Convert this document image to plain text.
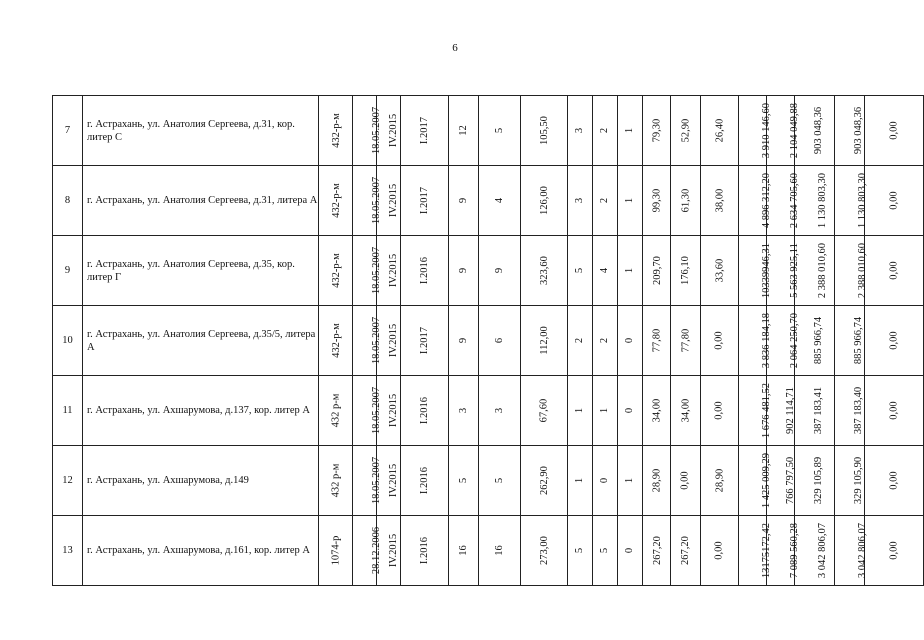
6
7	г. Астрахань, ул. Анатолия Сергеева, д.31, кор. литер С	432-р-м	18.05.2007	IV.2015	I.2017	12	5	105,50	3	2	1	79,30	52,90	26,40	3 910 146,60	2 104 049,88	903 048,36	903 048,36	0,00
8	г. Астрахань, ул. Анатолия Сергеева, д.31, литера А	432-р-м	18.05.2007	IV.2015	I.2017	9	4	126,00	3	2	1	99,30	61,30	38,00	4 896 312,20	2 634 705,60	1 130 803,30	1 130 803,30	0,00
9	г. Астрахань, ул. Анатолия Сергеева, д.35, кор. литер Г	432-р-м	18.05.2007	IV.2015	I.2016	9	9	323,60	5	4	1	209,70	176,10	33,60	10339946,31	5 563 925,11	2 388 010,60	2 388 010,60	0,00
10	г. Астрахань, ул. Анатолия Сергеева, д.35/5, литера А	432-р-м	18.05.2007	IV.2015	I.2017	9	6	112,00	2	2	0	77,80	77,80	0,00	3 836 184,18	2 064 250,70	885 966,74	885 966,74	0,00
11	г. Астрахань, ул. Ахшарумова, д.137, кор. литер А	432 р-м	18.05.2007	IV.2015	I.2016	3	3	67,60	1	1	0	34,00	34,00	0,00	1 676 481,52	902 114,71	387 183,41	387 183,40	0,00
12	г. Астрахань, ул. Ахшарумова, д.149	432 р-м	18.05.2007	IV.2015	I.2016	5	5	262,90	1	0	1	28,90	0,00	28,90	1 425 009,29	766 797,50	329 105,89	329 105,90	0,00
13	г. Астрахань, ул. Ахшарумова, д.161, кор. литер А	1074-р	28.12.2006	IV.2015	I.2016	16	16	273,00	5	5	0	267,20	267,20	0,00	13175172,42	7 089 560,28	3 042 806,07	3 042 806,07	0,00
